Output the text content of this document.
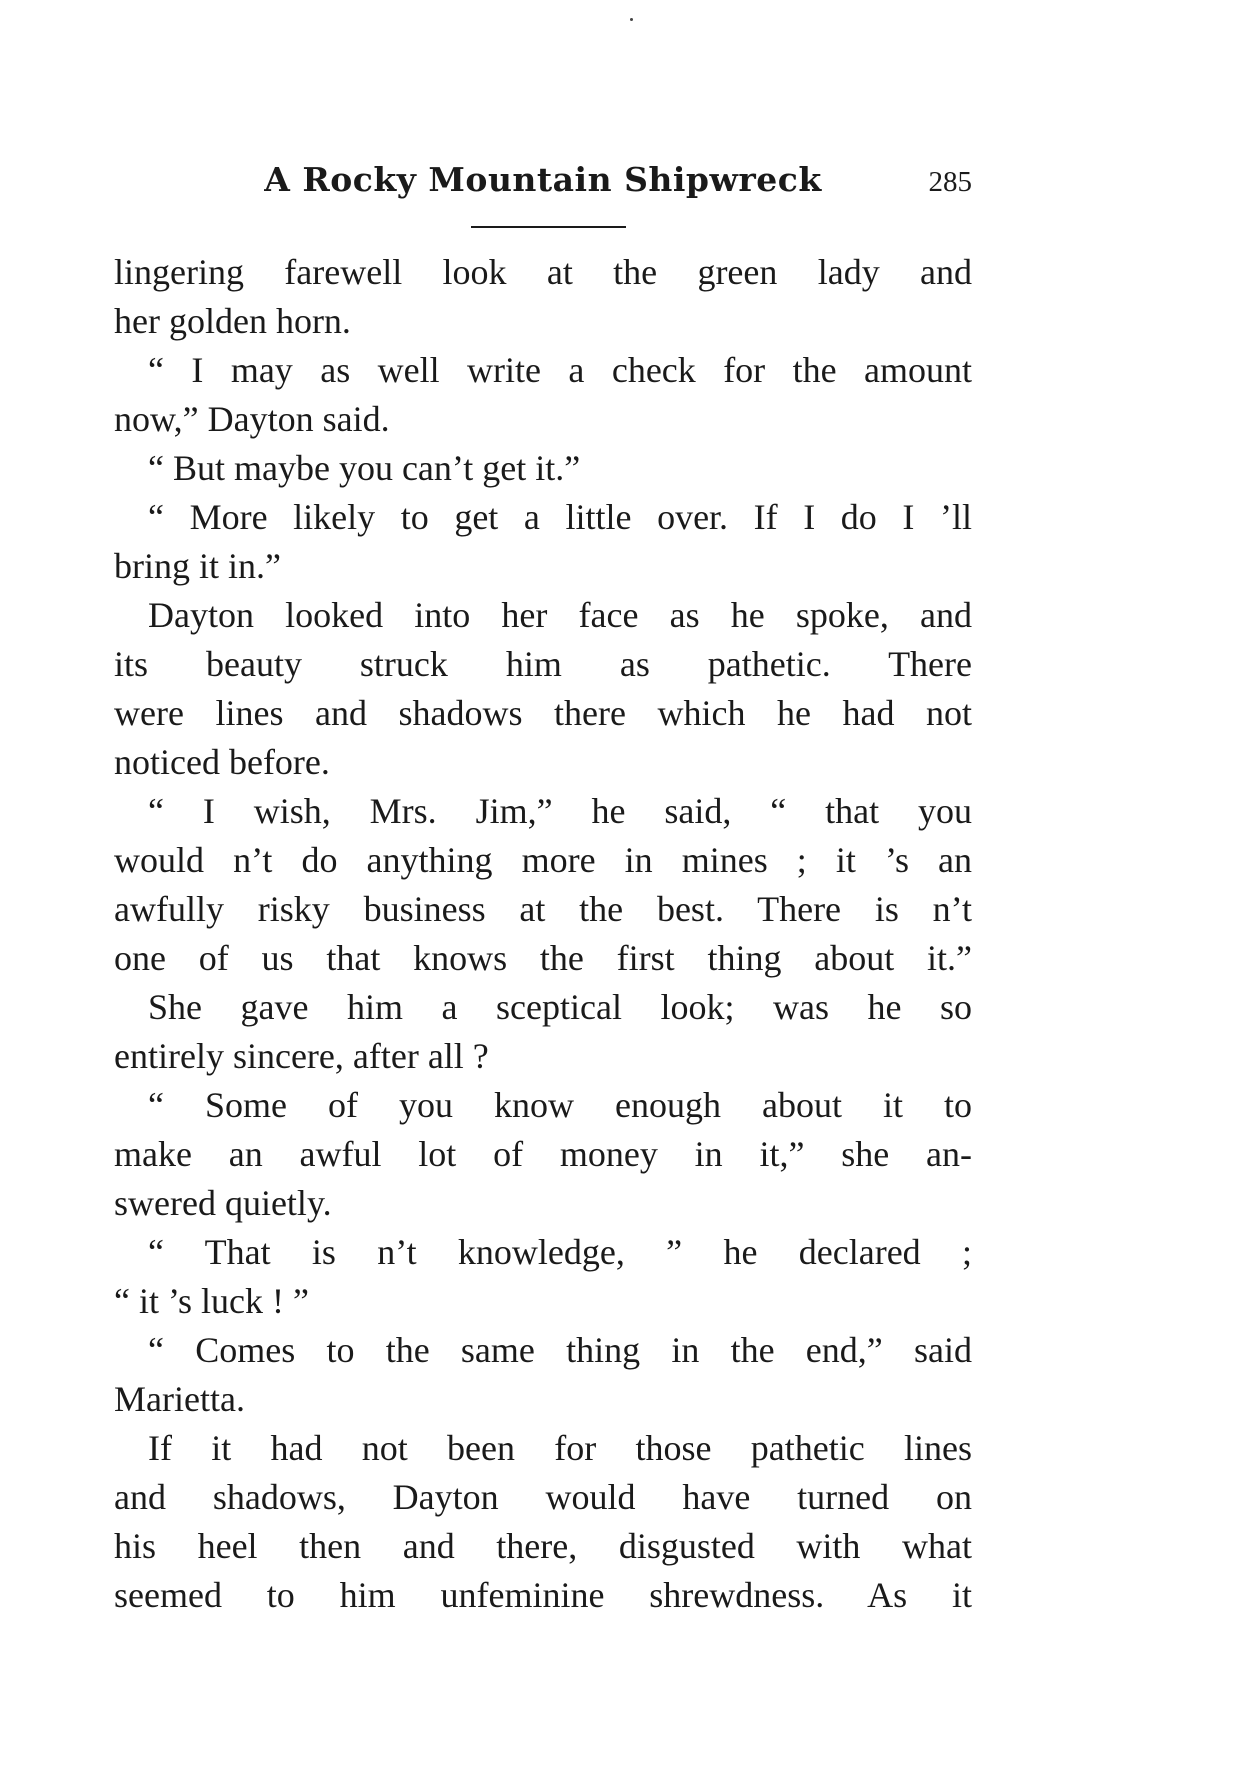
A Rocky Mountain Shipwreck	285
lingering farewell look at the green lady and
her golden horn.
“ I may as well write a check for the amount
now,” Dayton said.
“ But maybe you can’t get it.”
“ More likely to get a little over. If I do I ’ll
bring it in.”
Dayton looked into her face as he spoke, and
its beauty struck him as pathetic. There
were lines and shadows there which he had not
noticed before.
“ I wish, Mrs. Jim,” he said, “ that you
would n’t do anything more in mines ; it ’s an
awfully risky business at the best. There is n’t
one of us that knows the first thing about it.”
She gave him a sceptical look; was he so
entirely sincere, after all ?
“ Some of you know enough about it to
make an awful lot of money in it,” she an-
swered quietly.
“ That is n’t knowledge, ” he declared ;
“ it ’s luck ! ”
“ Comes to the same thing in the end,” said
Marietta.
If it had not been for those pathetic lines
and shadows, Dayton would have turned on
his heel then and there, disgusted with what
seemed to him unfeminine shrewdness. As it
